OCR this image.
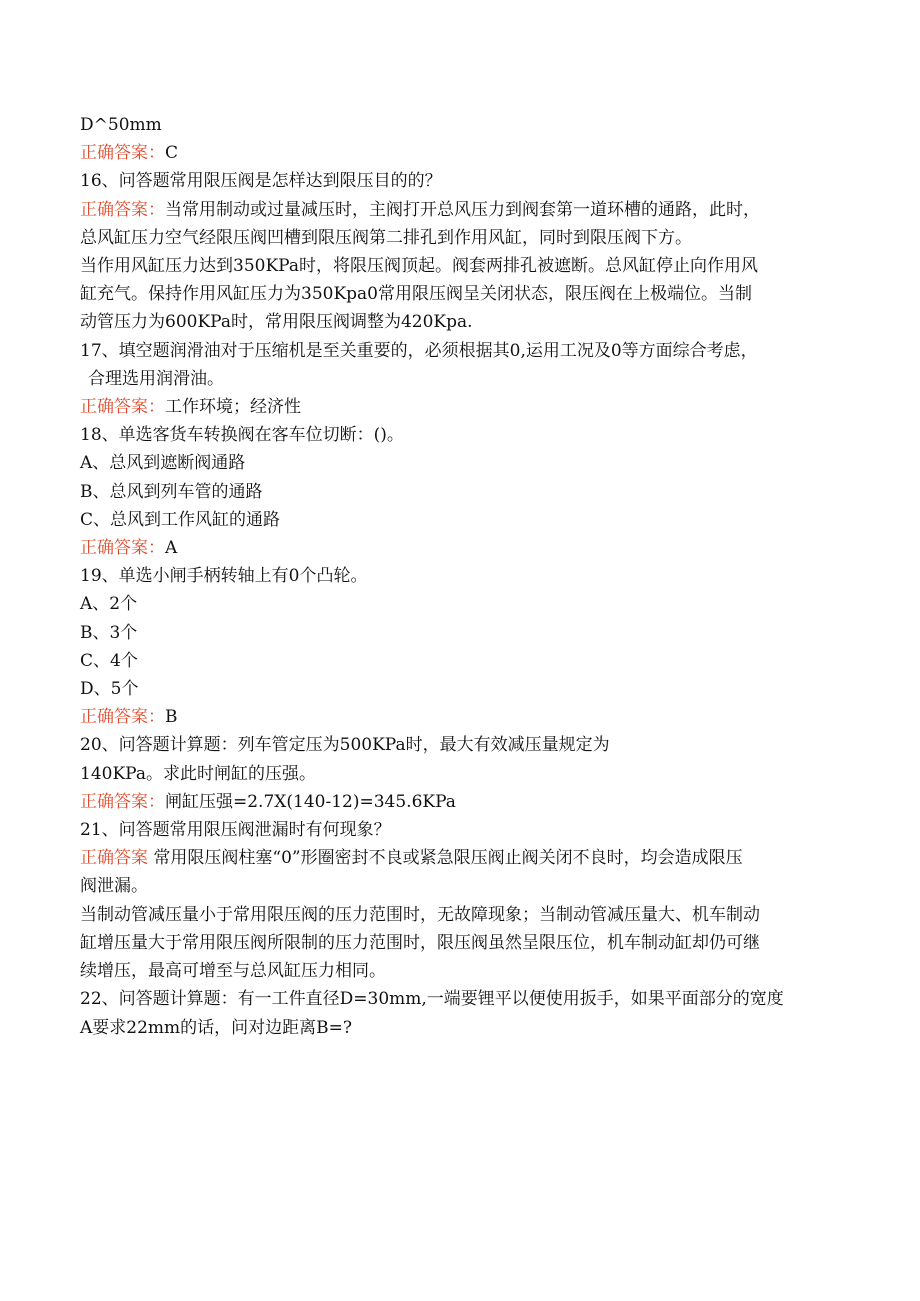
D^50mm
正确答案：C
16、问答题常用限压阀是怎样达到限压目的的？
正确答案：当常用制动或过量减压时，主阀打开总风压力到阀套第一道环槽的通路，此时，
总风缸压力空气经限压阀凹槽到限压阀第二排孔到作用风缸，同时到限压阀下方。
当作用风缸压力达到350KPa时，将限压阀顶起。阀套两排孔被遮断。总风缸停止向作用风
缸充气。保持作用风缸压力为350Kpa0常用限压阀呈关闭状态，限压阀在上极端位。当制
动管压力为600KPa时，常用限压阀调整为420Kpa.
17、填空题润滑油对于压缩机是至关重要的，必须根据其0,运用工况及0等方面综合考虑，
合理选用润滑油。
正确答案：工作环境；经济性
18、单选客货车转换阀在客车位切断：()。
A、总风到遮断阀通路
B、总风到列车管的通路
C、总风到工作风缸的通路
正确答案：A
19、单选小闸手柄转轴上有0个凸轮。
A、2个
B、3个
C、4个
D、5个
正确答案：B
20、问答题计算题：列车管定压为500KPa时，最大有效减压量规定为
140KPa。求此时闸缸的压强。
正确答案：闸缸压强=2.7X(140-12)=345.6KPa
21、问答题常用限压阀泄漏时有何现象？
正确答案 常用限压阀柱塞“0”形圈密封不良或紧急限压阀止阀关闭不良时，均会造成限压
阀泄漏。
当制动管减压量小于常用限压阀的压力范围时，无故障现象；当制动管减压量大、机车制动
缸增压量大于常用限压阀所限制的压力范围时，限压阀虽然呈限压位，机车制动缸却仍可继
续增压，最高可增至与总风缸压力相同。
22、问答题计算题：有一工件直径D=30mm,一端要锂平以便使用扳手，如果平面部分的宽度
A要求22mm的话，问对边距离B=?
